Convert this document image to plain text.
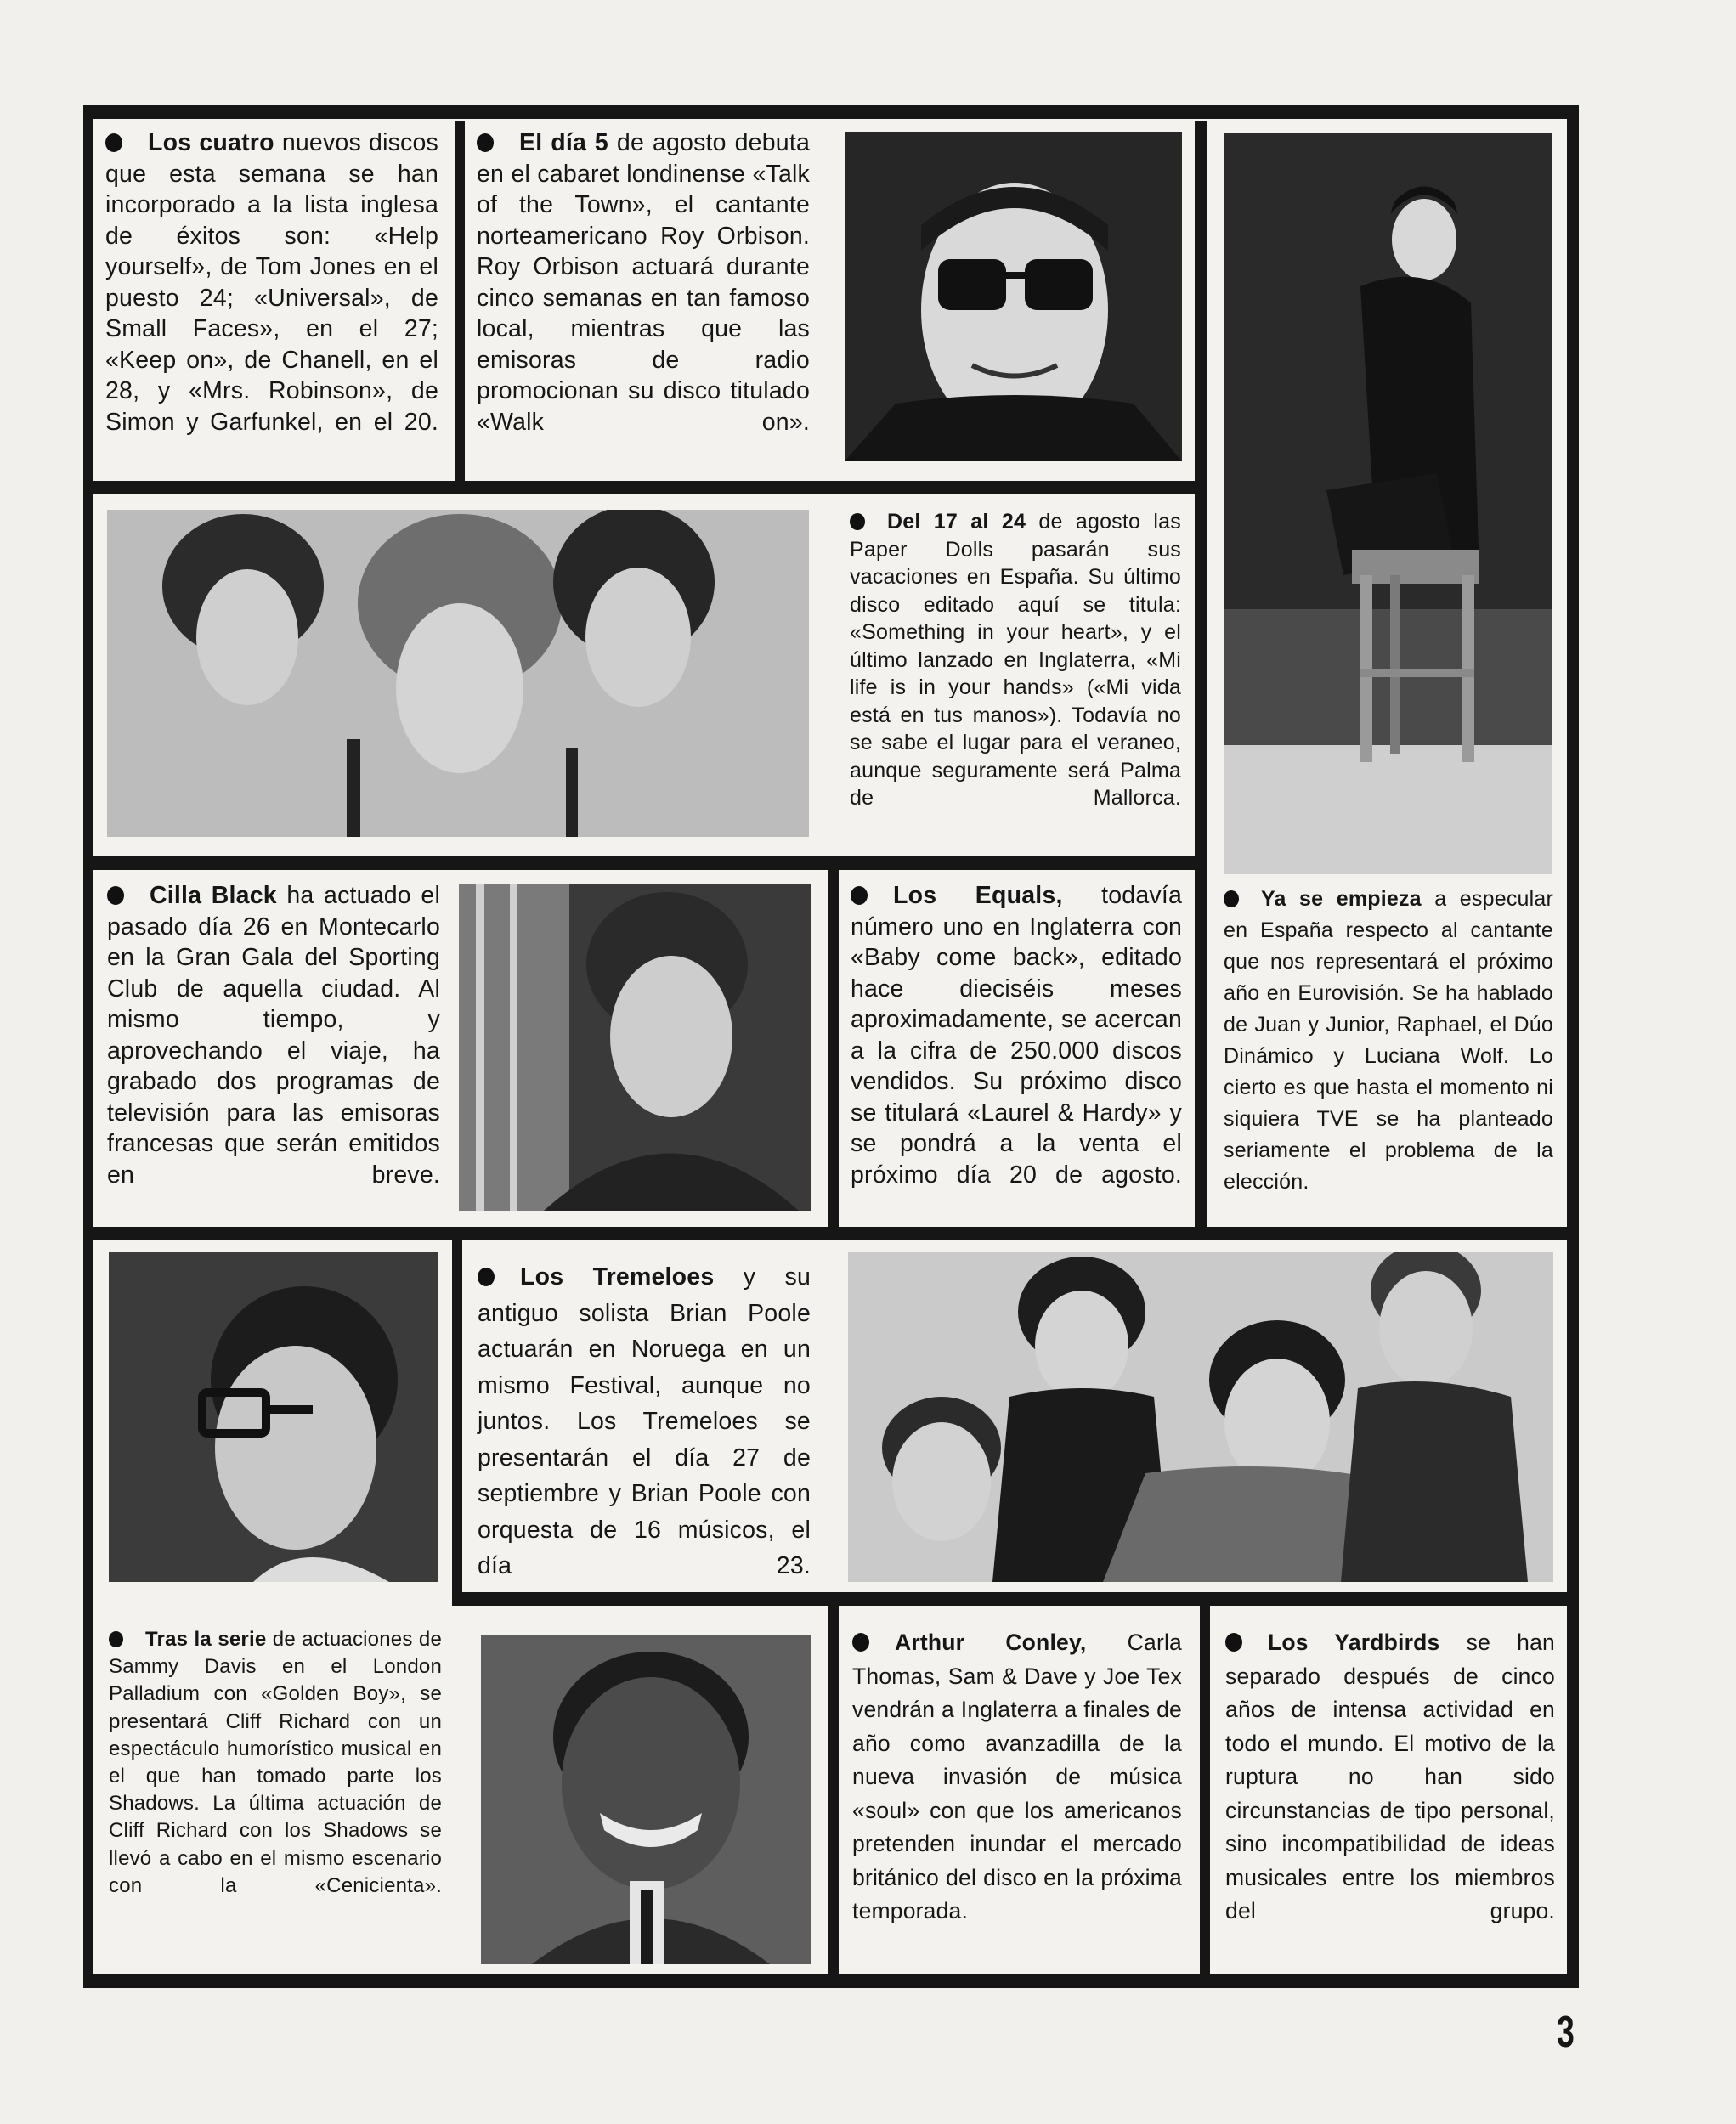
Los cuatro nuevos discos que esta semana se han incorporado a la lista inglesa de éxitos son: «Help yourself», de Tom Jones en el puesto 24; «Universal», de Small Faces», en el 27; «Keep on», de Chanell, en el 28, y «Mrs. Robinson», de Simon y Garfunkel, en el 20.
El día 5 de agosto debuta en el cabaret londinense «Talk of the Town», el cantante norteamericano Roy Orbison. Roy Orbison actuará durante cinco semanas en tan famoso local, mientras que las emisoras de radio promocionan su disco titulado «Walk on».
Del 17 al 24 de agosto las Paper Dolls pasarán sus vacaciones en España. Su último disco editado aquí se titula: «Something in your heart», y el último lanzado en Inglaterra, «Mi life is in your hands» («Mi vida está en tus manos»). Todavía no se sabe el lugar para el veraneo, aunque seguramente será Palma de Mallorca.
Cilla Black ha actuado el pasado día 26 en Montecarlo en la Gran Gala del Sporting Club de aquella ciudad. Al mismo tiempo, y aprovechando el viaje, ha grabado dos programas de televisión para las emisoras francesas que serán emitidos en breve.
Los Equals, todavía número uno en Inglaterra con «Baby come back», editado hace dieciséis meses aproximadamente, se acercan a la cifra de 250.000 discos vendidos. Su próximo disco se titulará «Laurel & Hardy» y se pondrá a la venta el próximo día 20 de agosto.
Ya se empieza a especular en España respecto al cantante que nos representará el próximo año en Eurovisión. Se ha hablado de Juan y Junior, Raphael, el Dúo Dinámico y Luciana Wolf. Lo cierto es que hasta el momento ni siquiera TVE se ha planteado seriamente el problema de la elección.
Los Tremeloes y su antiguo solista Brian Poole actuarán en Noruega en un mismo Festival, aunque no juntos. Los Tremeloes se presentarán el día 27 de septiembre y Brian Poole con orquesta de 16 músicos, el día 23.
Tras la serie de actuaciones de Sammy Davis en el London Palladium con «Golden Boy», se presentará Cliff Richard con un espectáculo humorístico musical en el que han tomado parte los Shadows. La última actuación de Cliff Richard con los Shadows se llevó a cabo en el mismo escenario con la «Cenicienta».
Arthur Conley, Carla Thomas, Sam & Dave y Joe Tex vendrán a Inglaterra a finales de año como avanzadilla de la nueva invasión de música «soul» con que los americanos pretenden inundar el mercado británico del disco en la próxima temporada.
Los Yardbirds se han separado después de cinco años de intensa actividad en todo el mundo. El motivo de la ruptura no han sido circunstancias de tipo personal, sino incompatibilidad de ideas musicales entre los miembros del grupo.
3
